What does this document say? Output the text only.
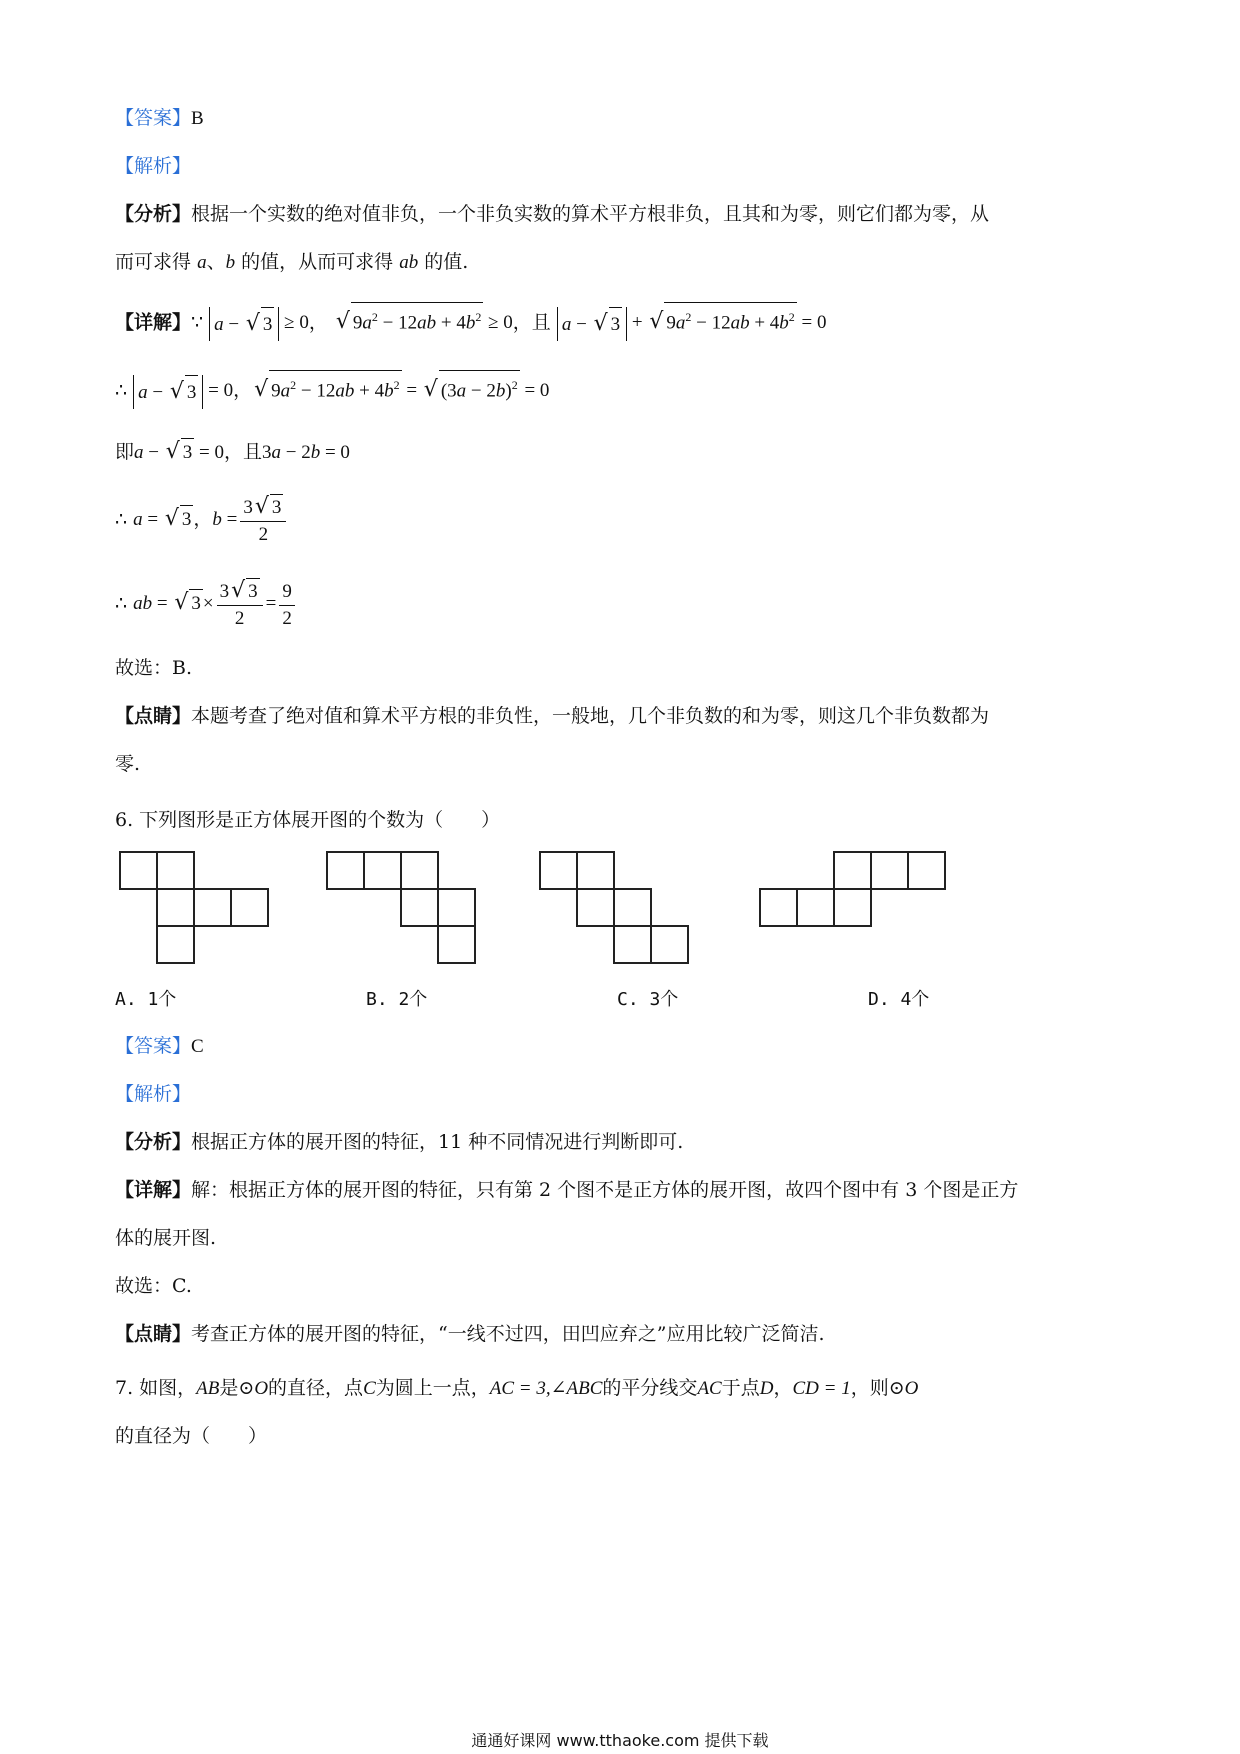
【答案】B
【解析】
【分析】根据一个实数的绝对值非负，一个非负实数的算术平方根非负，且其和为零，则它们都为零，从
而可求得 a、b 的值，从而可求得 ab 的值.
【详解】∵ a − √ 3 ≥ 0， √ $9a^2 - 12ab + 4b^2 \ge 0$，且 a − √ 3 + √ $9a^2 - 12ab + 4b^2 = 0$
∴ a − √ 3 = 0，√ $9a^2 - 12ab + 4b^2$ = √ $(3a - 2b)^2 = 0$
即a − √ 3 = 0，且3a − 2b = 0
∴ a = √ 3 ，$b = \frac{3√ 3}{2}$
∴ ab = √ $3 \times \frac{3√ 3}{2} = \frac{9}{2}$
故选：B.
【点睛】本题考查了绝对值和算术平方根的非负性，一般地，几个非负数的和为零，则这几个非负数都为
零.
6. 下列图形是正方体展开图的个数为（　　）
A. 1个	B. 2个	C. 3个	D. 4个
【答案】C
【解析】
【分析】根据正方体的展开图的特征，11 种不同情况进行判断即可.
【详解】解：根据正方体的展开图的特征，只有第 2 个图不是正方体的展开图，故四个图中有 3 个图是正方
体的展开图.
故选：C.
【点睛】考查正方体的展开图的特征，“一线不过四，田凹应弃之”应用比较广泛简洁.
7. 如图，AB是⊙O的直径，点C为圆上一点，AC = 3,∠ABC的平分线交AC于点D，CD = 1，则⊙O
的直径为（　　）
通通好课网 www.tthaoke.com 提供下载
